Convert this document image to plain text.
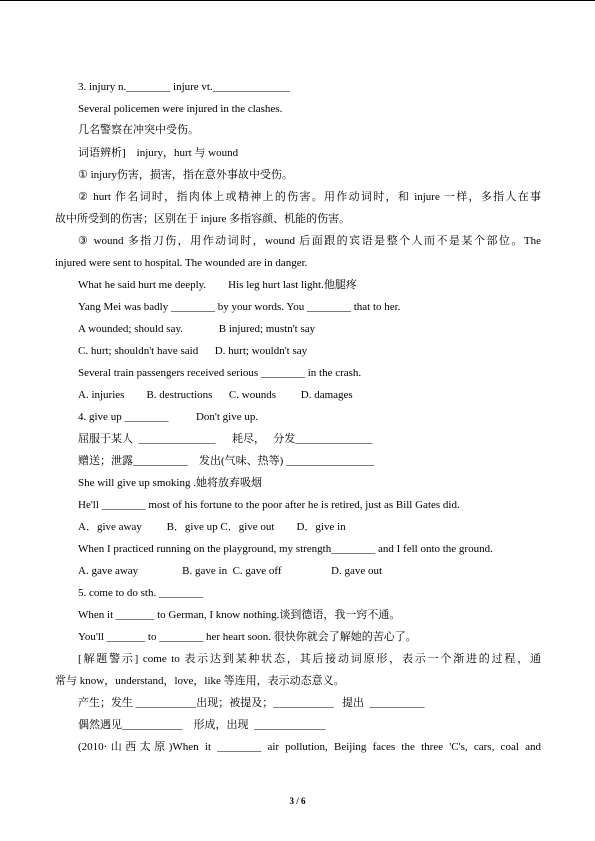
3. injury n.________ injure vt.______________
Several policemen were injured in the clashes.
几名警察在冲突中受伤。
词语辨析]    injury，hurt 与 wound
① injury伤害，损害，指在意外事故中受伤。
② hurt 作名词时，指肉体上或精神上的伤害。用作动词时，和 injure 一样，多指人在事
故中所受到的伤害；区别在于 injure 多指容颜、机能的伤害。
③ wound 多指刀伤，用作动词时，wound 后面跟的宾语是整个人而不是某个部位。The
injured were sent to hospital. The wounded are in danger.
What he said hurt me deeply.        His leg hurt last light.他腿疼
Yang Mei was badly ________ by your words. You ________ that to her.
A wounded; should say.             B injured; mustn't say
C. hurt; shouldn't have said      D. hurt; wouldn't say
Several train passengers received serious ________ in the crash.
A. injuries        B. destructions      C. wounds         D. damages
4. give up ________          Don't give up.
屈服于某人  ______________      耗尽，   分发______________
赠送；泄露__________    发出(气味、热等) ________________
She will give up smoking .她将放弃吸烟
He'll ________ most of his fortune to the poor after he is retired, just as Bill Gates did.
A．give away         B．give up C．give out        D．give in
When I practiced running on the playground, my strength________ and I fell onto the ground.
A. gave away                B. gave in  C. gave off                  D. gave out
5. come to do sth. ________
When it _______ to German, I know nothing.谈到德语，我一窍不通。
You'll _______ to ________ her heart soon. 很快你就会了解她的苦心了。
[解题警示] come to 表示达到某种状态，其后接动词原形，表示一个渐进的过程，通
常与 know，understand，love，like 等连用，表示动态意义。
产生；发生 ___________出现；被提及；___________   提出  __________
偶然遇见___________    形成，出现  _____________
(2010·山西太原)When it ________ air pollution, Beijing faces the three 'C's, cars, coal and
3 / 6
